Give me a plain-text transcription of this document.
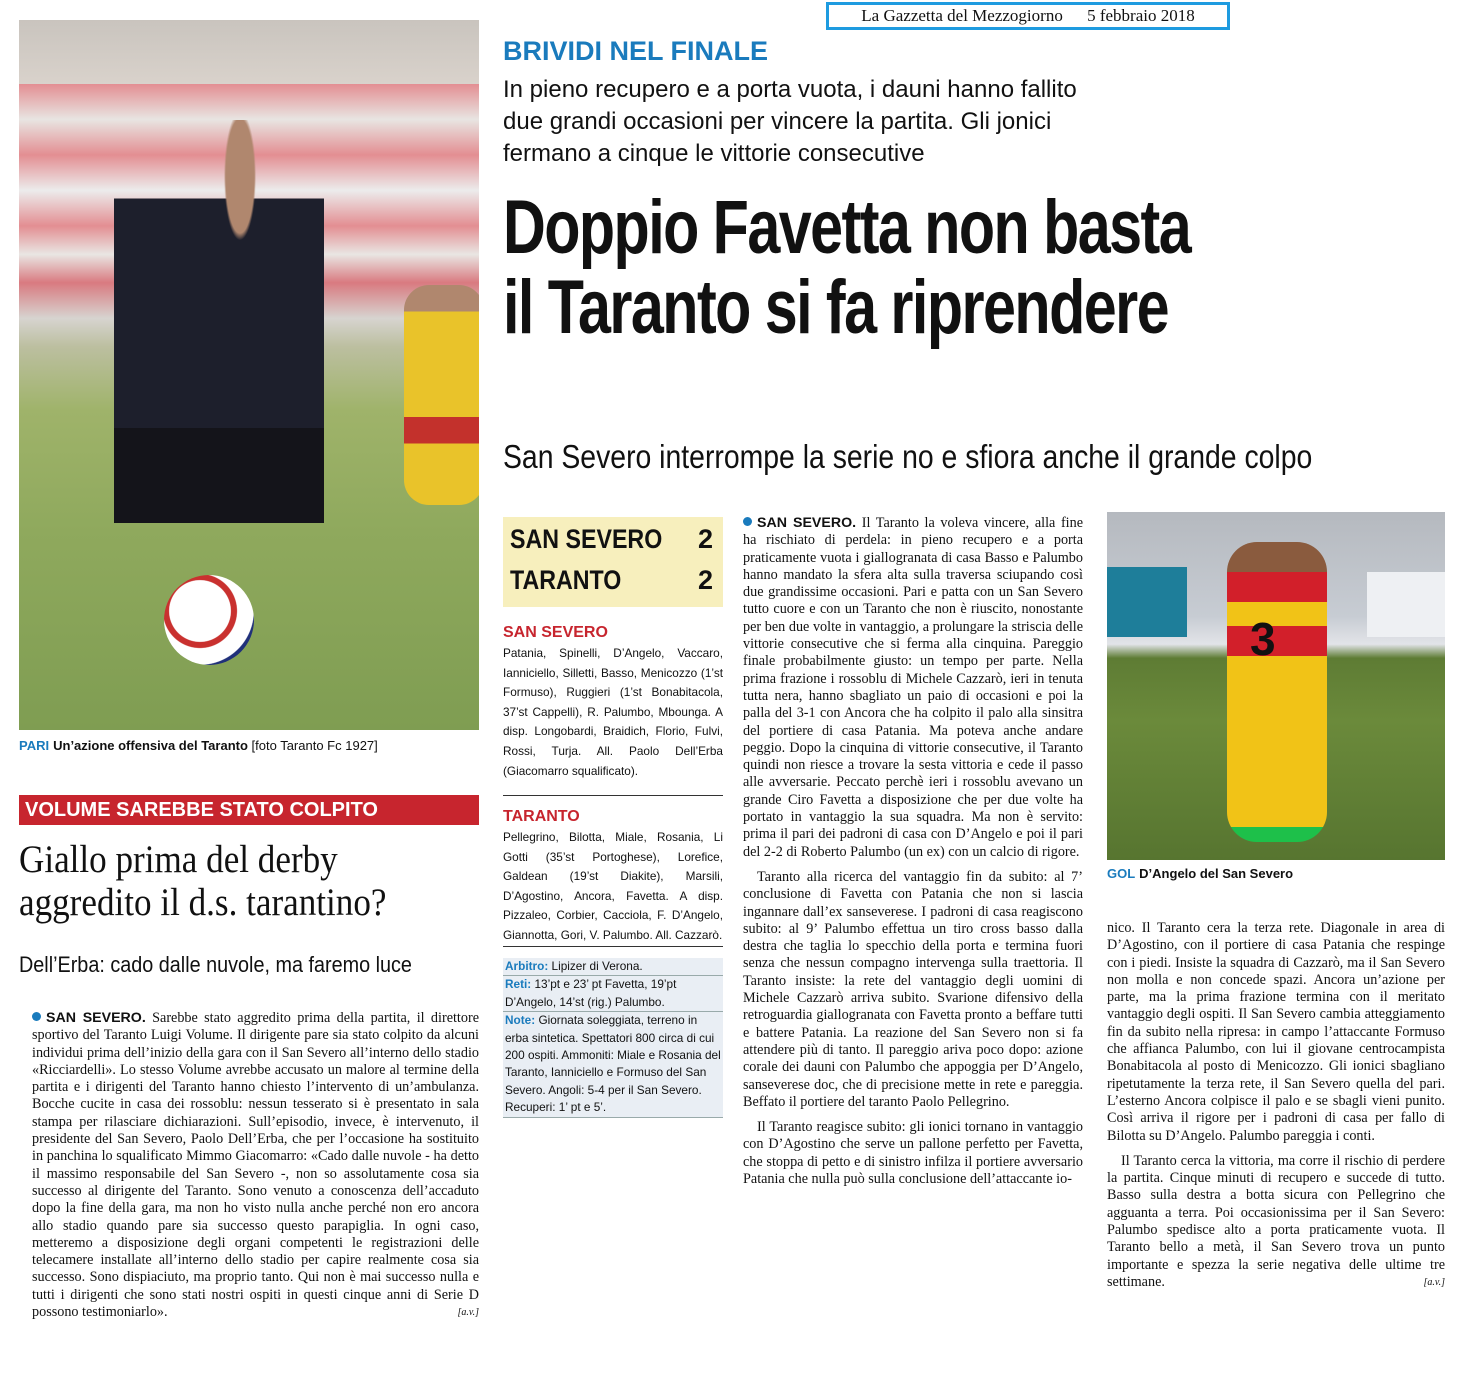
La Gazzetta del Mezzogiorno 5 febbraio 2018
PARI Un’azione offensiva del Taranto [foto Taranto Fc 1927]
VOLUME SAREBBE STATO COLPITO
Giallo prima del derby
aggredito il d.s. tarantino?
Dell’Erba: cado dalle nuvole, ma faremo luce

SAN SEVERO. Sarebbe stato aggredito prima della partita, il direttore sportivo del Taranto Luigi Volume. Il dirigente pare sia stato colpito da alcuni individui prima dell’inizio della gara con il San Severo all’interno dello stadio «Ricciardelli». Lo stesso Volume avrebbe accusato un malore al termine della partita e i dirigenti del Taranto hanno chiesto l’intervento di un’ambulanza. Bocche cucite in casa dei rossoblu: nessun tesserato si è presentato in sala stampa per rilasciare dichiarazioni. Sull’episodio, invece, è intervenuto, il presidente del San Severo, Paolo Dell’Erba, che per l’occasione ha sostituito in panchina lo squalificato Mimmo Giacomarro: «Cado dalle nuvole - ha detto il massimo responsabile del San Severo -, non so assolutamente cosa sia successo al dirigente del Taranto. Sono venuto a conoscenza dell’accaduto dopo la fine della gara, ma non ho visto nulla anche perché non ero ancora allo stadio quando pare sia successo questo parapiglia. In ogni caso, metteremo a disposizione degli organi competenti le registrazioni delle telecamere installate all’interno dello stadio per capire realmente cosa sia successo. Sono dispiaciuto, ma proprio tanto. Qui non è mai successo nulla e tutti i dirigenti che sono stati nostri ospiti in questi cinque anni di Serie D possono testimoniarlo».	[a.v.]

BRIVIDI NEL FINALE
In pieno recupero e a porta vuota, i dauni hanno fallito
due grandi occasioni per vincere la partita. Gli jonici
fermano a cinque le vittorie consecutive
Doppio Favetta non basta
il Taranto si fa riprendere
San Severo interrompe la serie no e sfiora anche il grande colpo
SAN SEVERO 2
TARANTO	2
SAN SEVERO
Patania, Spinelli, D’Angelo, Vaccaro, Ianniciello, Silletti, Basso, Menicozzo (1’st Formuso), Ruggieri (1’st Bonabitacola, 37’st Cappelli), R. Palumbo, Mbounga. A disp. Longobardi, Braidich, Florio, Fulvi, Rossi, Turja. All. Paolo Dell’Erba (Giacomarro squalificato).
TARANTO
Pellegrino, Bilotta, Miale, Rosania, Li Gotti (35’st Portoghese), Lorefice, Galdean (19’st Diakite), Marsili, D’Agostino, Ancora, Favetta. A disp. Pizzaleo, Corbier, Cacciola, F. D’Angelo, Giannotta, Gori, V. Palumbo. All. Cazzarò.
Arbitro: Lipizer di Verona.
Reti: 13’pt e 23’ pt Favetta, 19’pt D’Angelo, 14’st (rig.) Palumbo.
Note: Giornata soleggiata, terreno in erba sintetica. Spettatori 800 circa di cui 200 ospiti. Ammoniti: Miale e Rosania del Taranto, Ianniciello e Formuso del San Severo. Angoli: 5-4 per il San Severo. Recuperi: 1’ pt e 5’.

SAN SEVERO. Il Taranto la voleva vincere, alla fine ha rischiato di perdela: in pieno recupero e a porta praticamente vuota i giallogranata di casa Basso e Palumbo hanno mandato la sfera alta sulla traversa sciupando così due grandissime occasioni. Pari e patta con un San Severo tutto cuore e con un Taranto che non è riuscito, nonostante per ben due volte in vantaggio, a prolungare la striscia delle vittorie consecutive che si ferma alla cinquina. Pareggio finale probabilmente giusto: un tempo per parte. Nella prima frazione i rossoblu di Michele Cazzarò, ieri in tenuta tutta nera, hanno sbagliato un paio di occasioni e poi la palla del 3-1 con Ancora che ha colpito il palo alla sinsitra del portiere di casa Patania. Ma poteva anche andare peggio. Dopo la cinquina di vittorie consecutive, il Taranto quindi non riesce a trovare la sesta vittoria e cede il passo alle avversarie. Peccato perchè ieri i rossoblu avevano un grande Ciro Favetta a disposizione che per due volte ha portato in vantaggio la sua squadra. Ma non è servito: prima il pari dei padroni di casa con D’Angelo e poi il pari del 2-2 di Roberto Palumbo (un ex) con un calcio di rigore.

Taranto alla ricerca del vantaggio fin da subito: al 7’ conclusione di Favetta con Patania che non si lascia ingannare dall’ex sanseverese. I padroni di casa reagiscono subito: al 9’ Palumbo effettua un tiro cross basso dalla destra che taglia lo specchio della porta e termina fuori senza che nessun compagno intervenga sulla traettoria. Il Taranto insiste: la rete del vantaggio degli uomini di Michele Cazzarò arriva subito. Svarione difensivo della retroguardia giallogranata con Favetta pronto a beffare tutti e battere Patania. La reazione del San Severo non si fa attendere più di tanto. Il pareggio ariva poco dopo: azione corale dei dauni con Palumbo che appoggia per D’Angelo, sanseverese doc, che di precisione mette in rete e pareggia. Beffato il portiere del taranto Paolo Pellegrino.

Il Taranto reagisce subito: gli ionici tornano in vantaggio con D’Agostino che serve un pallone perfetto per Favetta, che stoppa di petto e di sinistro infilza il portiere avversario Patania che nulla può sulla conclusione dell’attaccante io-

3
GOL D’Angelo del San Severo

nico. Il Taranto cera la terza rete. Diagonale in area di D’Agostino, con il portiere di casa Patania che respinge con i piedi. Insiste la squadra di Cazzarò, ma il San Severo non molla e non concede spazi. Ancora un’azione per parte, ma la prima frazione termina con il meritato vantaggio degli ospiti. Il San Severo cambia atteggiamento fin da subito nella ripresa: in campo l’attaccante Formuso che affianca Palumbo, con lui il giovane centrocampista Bonabitacola al posto di Menicozzo. Gli ionici sbagliano ripetutamente la terza rete, il San Severo quella del pari. L’esterno Ancora colpisce il palo e se sbagli vieni punito. Così arriva il rigore per i padroni di casa per fallo di Bilotta su D’Angelo. Palumbo pareggia i conti.

Il Taranto cerca la vittoria, ma corre il rischio di perdere la partita. Cinque minuti di recupero e succede di tutto. Basso sulla destra a botta sicura con Pellegrino che agguanta a terra. Poi occasionissima per il San Severo: Palumbo spedisce alto a porta praticamente vuota. Il Taranto bello a metà, il San Severo trova un punto importante e spezza la serie negativa delle ultime tre settimane.	[a.v.]
